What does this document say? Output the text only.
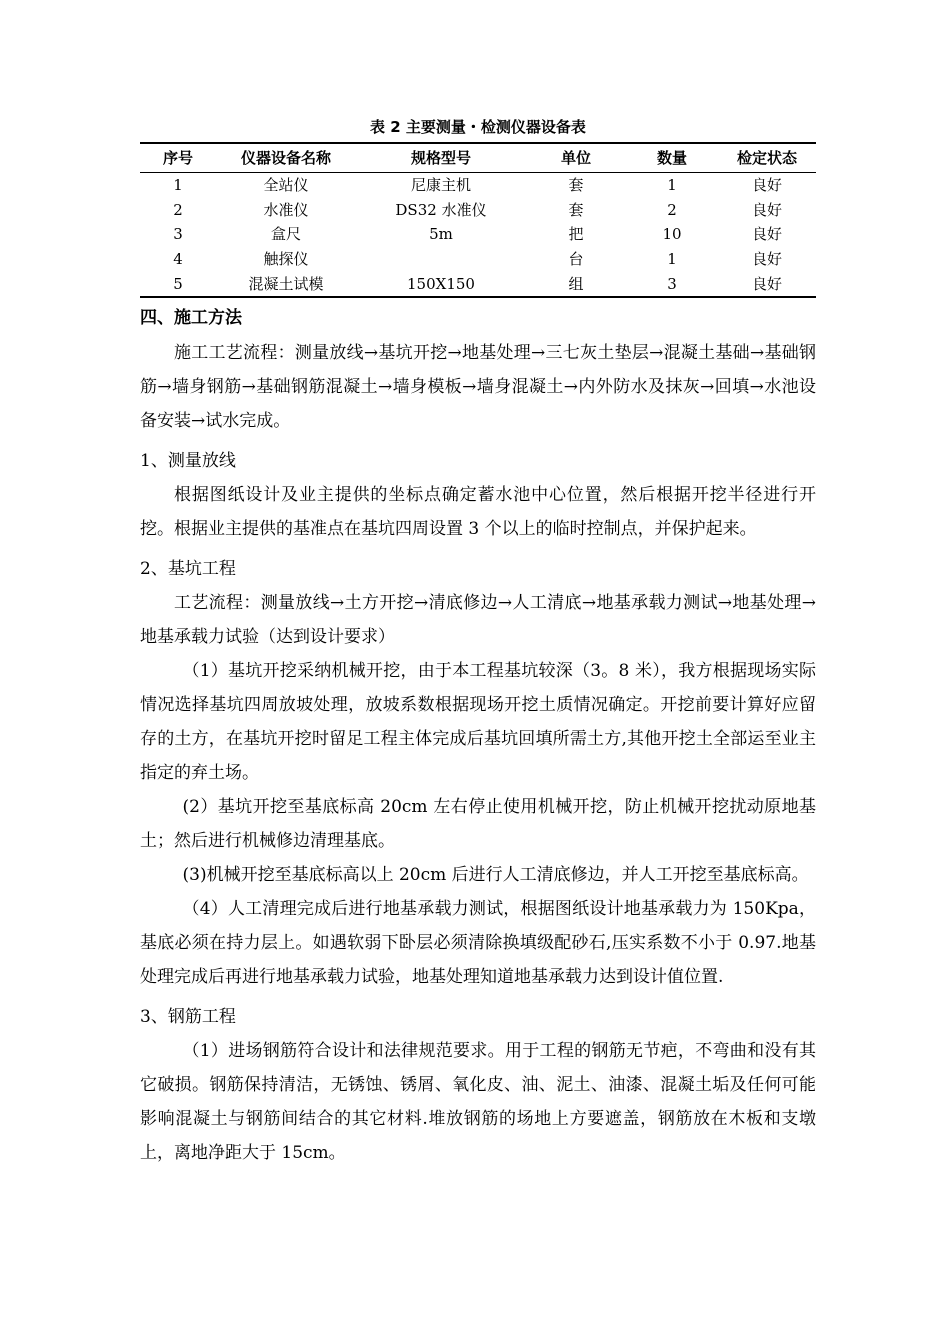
表 2 主要测量・检测仪器设备表
序号	仪器设备名称	规格型号	单位	数量	检定状态
1	全站仪	尼康主机	套	1	良好
2	水准仪	DS32 水准仪	套	2	良好
3	盒尺	5m	把	10	良好
4	触探仪		台	1	良好
5	混凝土试模	150X150	组	3	良好

四、施工方法

施工工艺流程：测量放线→基坑开挖→地基处理→三七灰土垫层→混凝土基础→基础钢筋→墙身钢筋→基础钢筋混凝土→墙身模板→墙身混凝土→内外防水及抹灰→回填→水池设备安装→试水完成。

1、测量放线

根据图纸设计及业主提供的坐标点确定蓄水池中心位置，然后根据开挖半径进行开挖。根据业主提供的基准点在基坑四周设置 3 个以上的临时控制点，并保护起来。

2、基坑工程

工艺流程：测量放线→土方开挖→清底修边→人工清底→地基承载力测试→地基处理→地基承载力试验（达到设计要求）

（1）基坑开挖采纳机械开挖，由于本工程基坑较深（3。8 米），我方根据现场实际情况选择基坑四周放坡处理，放坡系数根据现场开挖土质情况确定。开挖前要计算好应留存的土方，在基坑开挖时留足工程主体完成后基坑回填所需土方,其他开挖土全部运至业主指定的弃土场。

(2）基坑开挖至基底标高 20cm 左右停止使用机械开挖，防止机械开挖扰动原地基土；然后进行机械修边清理基底。

(3)机械开挖至基底标高以上 20cm 后进行人工清底修边，并人工开挖至基底标高。

（4）人工清理完成后进行地基承载力测试，根据图纸设计地基承载力为 150Kpa，基底必须在持力层上。如遇软弱下卧层必须清除换填级配砂石,压实系数不小于 0.97.地基处理完成后再进行地基承载力试验，地基处理知道地基承载力达到设计值位置.

3、钢筋工程

（1）进场钢筋符合设计和法律规范要求。用于工程的钢筋无节疤，不弯曲和没有其它破损。钢筋保持清洁，无锈蚀、锈屑、氧化皮、油、泥土、油漆、混凝土垢及任何可能影响混凝土与钢筋间结合的其它材料.堆放钢筋的场地上方要遮盖，钢筋放在木板和支墩上，离地净距大于 15cm。
